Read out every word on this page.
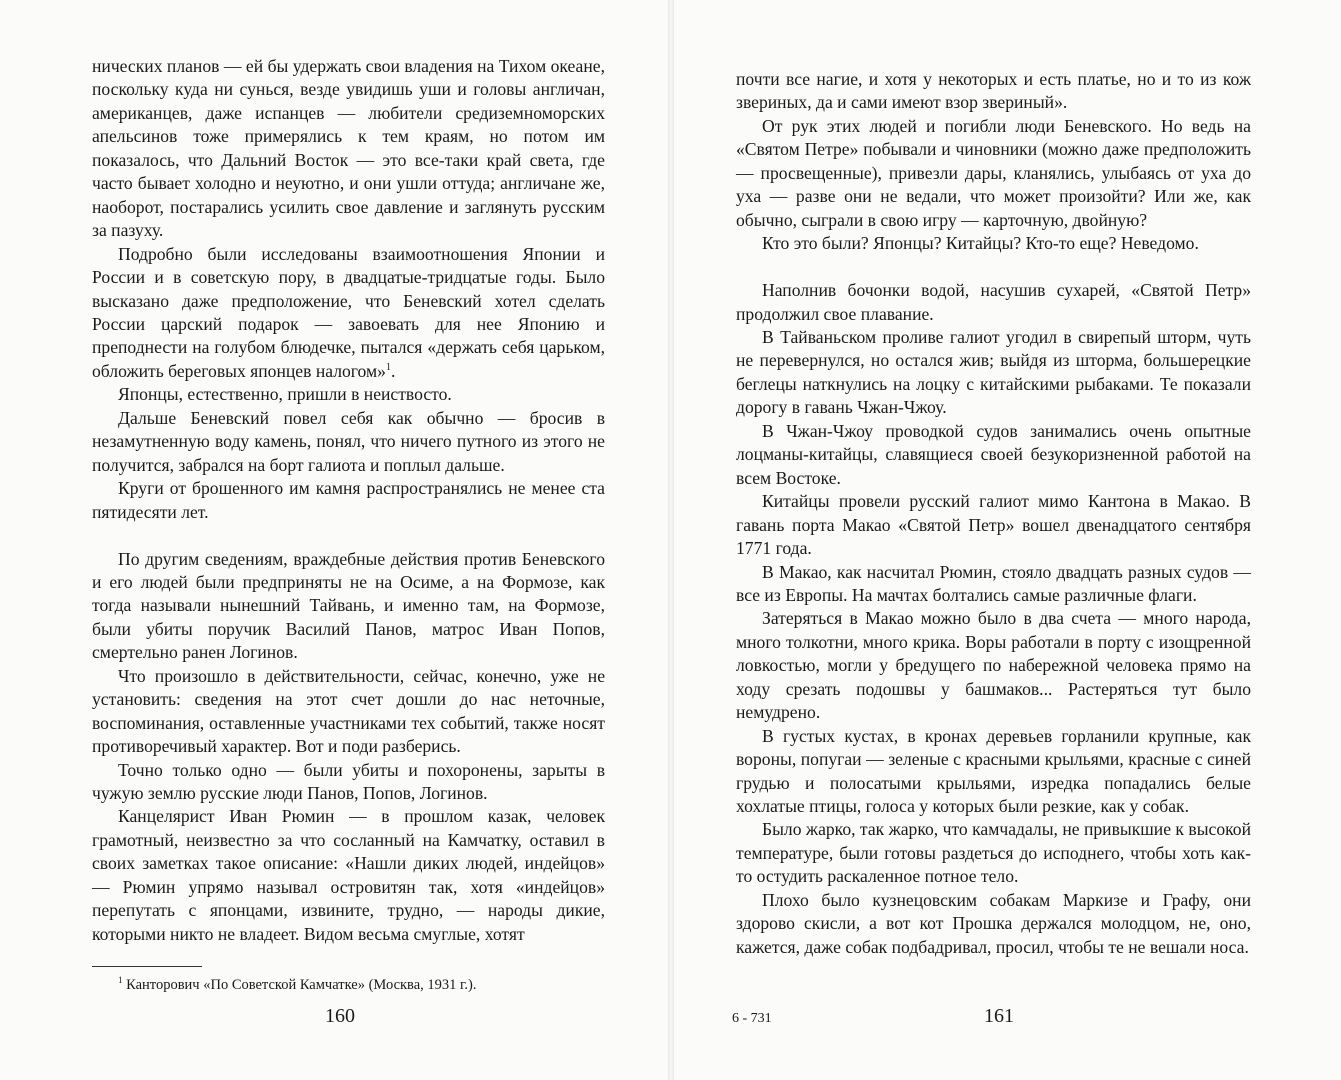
нических планов — ей бы удержать свои владения на Тихом океане, поскольку куда ни сунься, везде увидишь уши и головы англичан, американцев, даже испанцев — любители средиземноморских апельсинов тоже примерялись к тем краям, но потом им показалось, что Дальний Восток — это все-таки край света, где часто бывает холодно и неуютно, и они ушли оттуда; англичане же, наоборот, постарались усилить свое давление и заглянуть русским за пазуху.

Подробно были исследованы взаимоотношения Японии и России и в советскую пору, в двадцатые-тридцатые годы. Было высказано даже предположение, что Беневский хотел сделать России царский подарок — завоевать для нее Японию и преподнести на голубом блюдечке, пытался «держать себя царьком, обложить береговых японцев налогом»$^1$.

Японцы, естественно, пришли в неиствосто.

Дальше Беневский повел себя как обычно — бросив в незамутненную воду камень, понял, что ничего путного из этого не получится, забрался на борт галиота и поплыл дальше.

Круги от брошенного им камня распространялись не менее ста пятидесяти лет.

По другим сведениям, враждебные действия против Беневского и его людей были предприняты не на Осиме, а на Формозе, как тогда называли нынешний Тайвань, и именно там, на Формозе, были убиты поручик Василий Панов, матрос Иван Попов, смертельно ранен Логинов.

Что произошло в действительности, сейчас, конечно, уже не установить: сведения на этот счет дошли до нас неточные, воспоминания, оставленные участниками тех событий, также носят противоречивый характер. Вот и поди разберись.

Точно только одно — были убиты и похоронены, зарыты в чужую землю русские люди Панов, Попов, Логинов.

Канцелярист Иван Рюмин — в прошлом казак, человек грамотный, неизвестно за что сосланный на Камчатку, оставил в своих заметках такое описание: «Нашли диких людей, индейцов» — Рюмин упрямо называл островитян так, хотя «индейцов» перепутать с японцами, извините, трудно, — народы дикие, которыми никто не владеет. Видом весьма смуглые, хотят

$^1$ Канторович «По Советской Камчатке» (Москва, 1931 г.).
160

почти все нагие, и хотя у некоторых и есть платье, но и то из кож звериных, да и сами имеют взор звериный».

От рук этих людей и погибли люди Беневского. Но ведь на «Святом Петре» побывали и чиновники (можно даже предположить — просвещенные), привезли дары, кланялись, улыбаясь от уха до уха — разве они не ведали, что может произойти? Или же, как обычно, сыграли в свою игру — карточную, двойную?

Кто это были? Японцы? Китайцы? Кто-то еще? Неведомо.

Наполнив бочонки водой, насушив сухарей, «Святой Петр» продолжил свое плавание.

В Тайваньском проливе галиот угодил в свирепый шторм, чуть не перевернулся, но остался жив; выйдя из шторма, большерецкие беглецы наткнулись на лоцку с китайскими рыбаками. Те показали дорогу в гавань Чжан-Чжоу.

В Чжан-Чжоу проводкой судов занимались очень опытные лоцманы-китайцы, славящиеся своей безукоризненной работой на всем Востоке.

Китайцы провели русский галиот мимо Кантона в Макао. В гавань порта Макао «Святой Петр» вошел двенадцатого сентября 1771 года.

В Макао, как насчитал Рюмин, стояло двадцать разных судов — все из Европы. На мачтах болтались самые различные флаги.

Затеряться в Макао можно было в два счета — много народа, много толкотни, много крика. Воры работали в порту с изощренной ловкостью, могли у бредущего по набережной человека прямо на ходу срезать подошвы у башмаков... Растеряться тут было немудрено.

В густых кустах, в кронах деревьев горланили крупные, как вороны, попугаи — зеленые с красными крыльями, красные с синей грудью и полосатыми крыльями, изредка попадались белые хохлатые птицы, голоса у которых были резкие, как у собак.

Было жарко, так жарко, что камчадалы, не привыкшие к высокой температуре, были готовы раздеться до исподнего, чтобы хоть как-то остудить раскаленное потное тело.

Плохо было кузнецовским собакам Маркизе и Графу, они здорово скисли, а вот кот Прошка держался молодцом, не, оно, кажется, даже собак подбадривал, просил, чтобы те не вешали носа.

6 - 731	161
